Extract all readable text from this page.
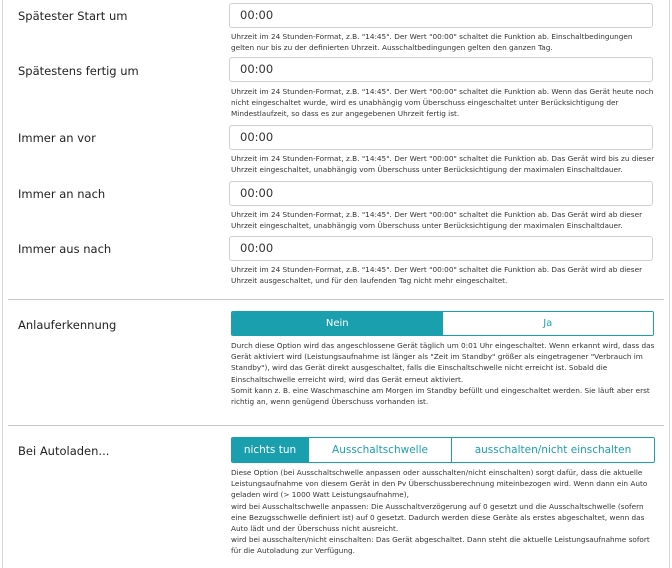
Spätester Start um	00:00
Uhrzeit im 24 Stunden-Format, z.B. "14:45". Der Wert "00:00" schaltet die Funktion ab. Einschaltbedingungen gelten nur bis zu der definierten Uhrzeit. Ausschaltbedingungen gelten den ganzen Tag.
Spätestens fertig um	00:00
Uhrzeit im 24 Stunden-Format, z.B. "14:45". Der Wert "00:00" schaltet die Funktion ab. Wenn das Gerät heute noch nicht eingeschaltet wurde, wird es unabhängig vom Überschuss eingeschaltet unter Berücksichtigung der Mindestlaufzeit, so dass es zur angegebenen Uhrzeit fertig ist.
Immer an vor	00:00
Uhrzeit im 24 Stunden-Format, z.B. "14:45". Der Wert "00:00" schaltet die Funktion ab. Das Gerät wird bis zu dieser Uhrzeit eingeschaltet, unabhängig vom Überschuss unter Berücksichtigung der maximalen Einschaltdauer.
Immer an nach	00:00
Uhrzeit im 24 Stunden-Format, z.B. "14:45". Der Wert "00:00" schaltet die Funktion ab. Das Gerät wird ab dieser Uhrzeit eingeschaltet, unabhängig vom Überschuss unter Berücksichtigung der maximalen Einschaltdauer.
Immer aus nach	00:00
Uhrzeit im 24 Stunden-Format, z.B. "14:45". Der Wert "00:00" schaltet die Funktion ab. Das Gerät wird ab dieser Uhrzeit ausgeschaltet, und für den laufenden Tag nicht mehr eingeschaltet.
Anlauferkennung	Nein	Ja
Durch diese Option wird das angeschlossene Gerät täglich um 0:01 Uhr eingeschaltet. Wenn erkannt wird, dass das Gerät aktiviert wird (Leistungsaufnahme ist länger als "Zeit im Standby" größer als eingetragener "Verbrauch im Standby"), wird das Gerät direkt ausgeschaltet, falls die Einschaltschwelle nicht erreicht ist. Sobald die Einschaltschwelle erreicht wird, wird das Gerät erneut aktiviert.
Somit kann z. B. eine Waschmaschine am Morgen im Standby befüllt und eingeschaltet werden. Sie läuft aber erst richtig an, wenn genügend Überschuss vorhanden ist.
Bei Autoladen...	nichts tun	Ausschaltschwelle	ausschalten/nicht einschalten
Diese Option (bei Ausschaltschwelle anpassen oder ausschalten/nicht einschalten) sorgt dafür, dass die aktuelle Leistungsaufnahme von diesem Gerät in den Pv Überschussberechnung miteinbezogen wird. Wenn dann ein Auto geladen wird (> 1000 Watt Leistungsaufnahme),
wird bei Ausschaltschwelle anpassen: Die Ausschaltverzögerung auf 0 gesetzt und die Ausschaltschwelle (sofern eine Bezugsschwelle definiert ist) auf 0 gesetzt. Dadurch werden diese Geräte als erstes abgeschaltet, wenn das Auto lädt und der Überschuss nicht ausreicht.
wird bei ausschalten/nicht einschalten: Das Gerät abgeschaltet. Dann steht die aktuelle Leistungsaufnahme sofort für die Autoladung zur Verfügung.
